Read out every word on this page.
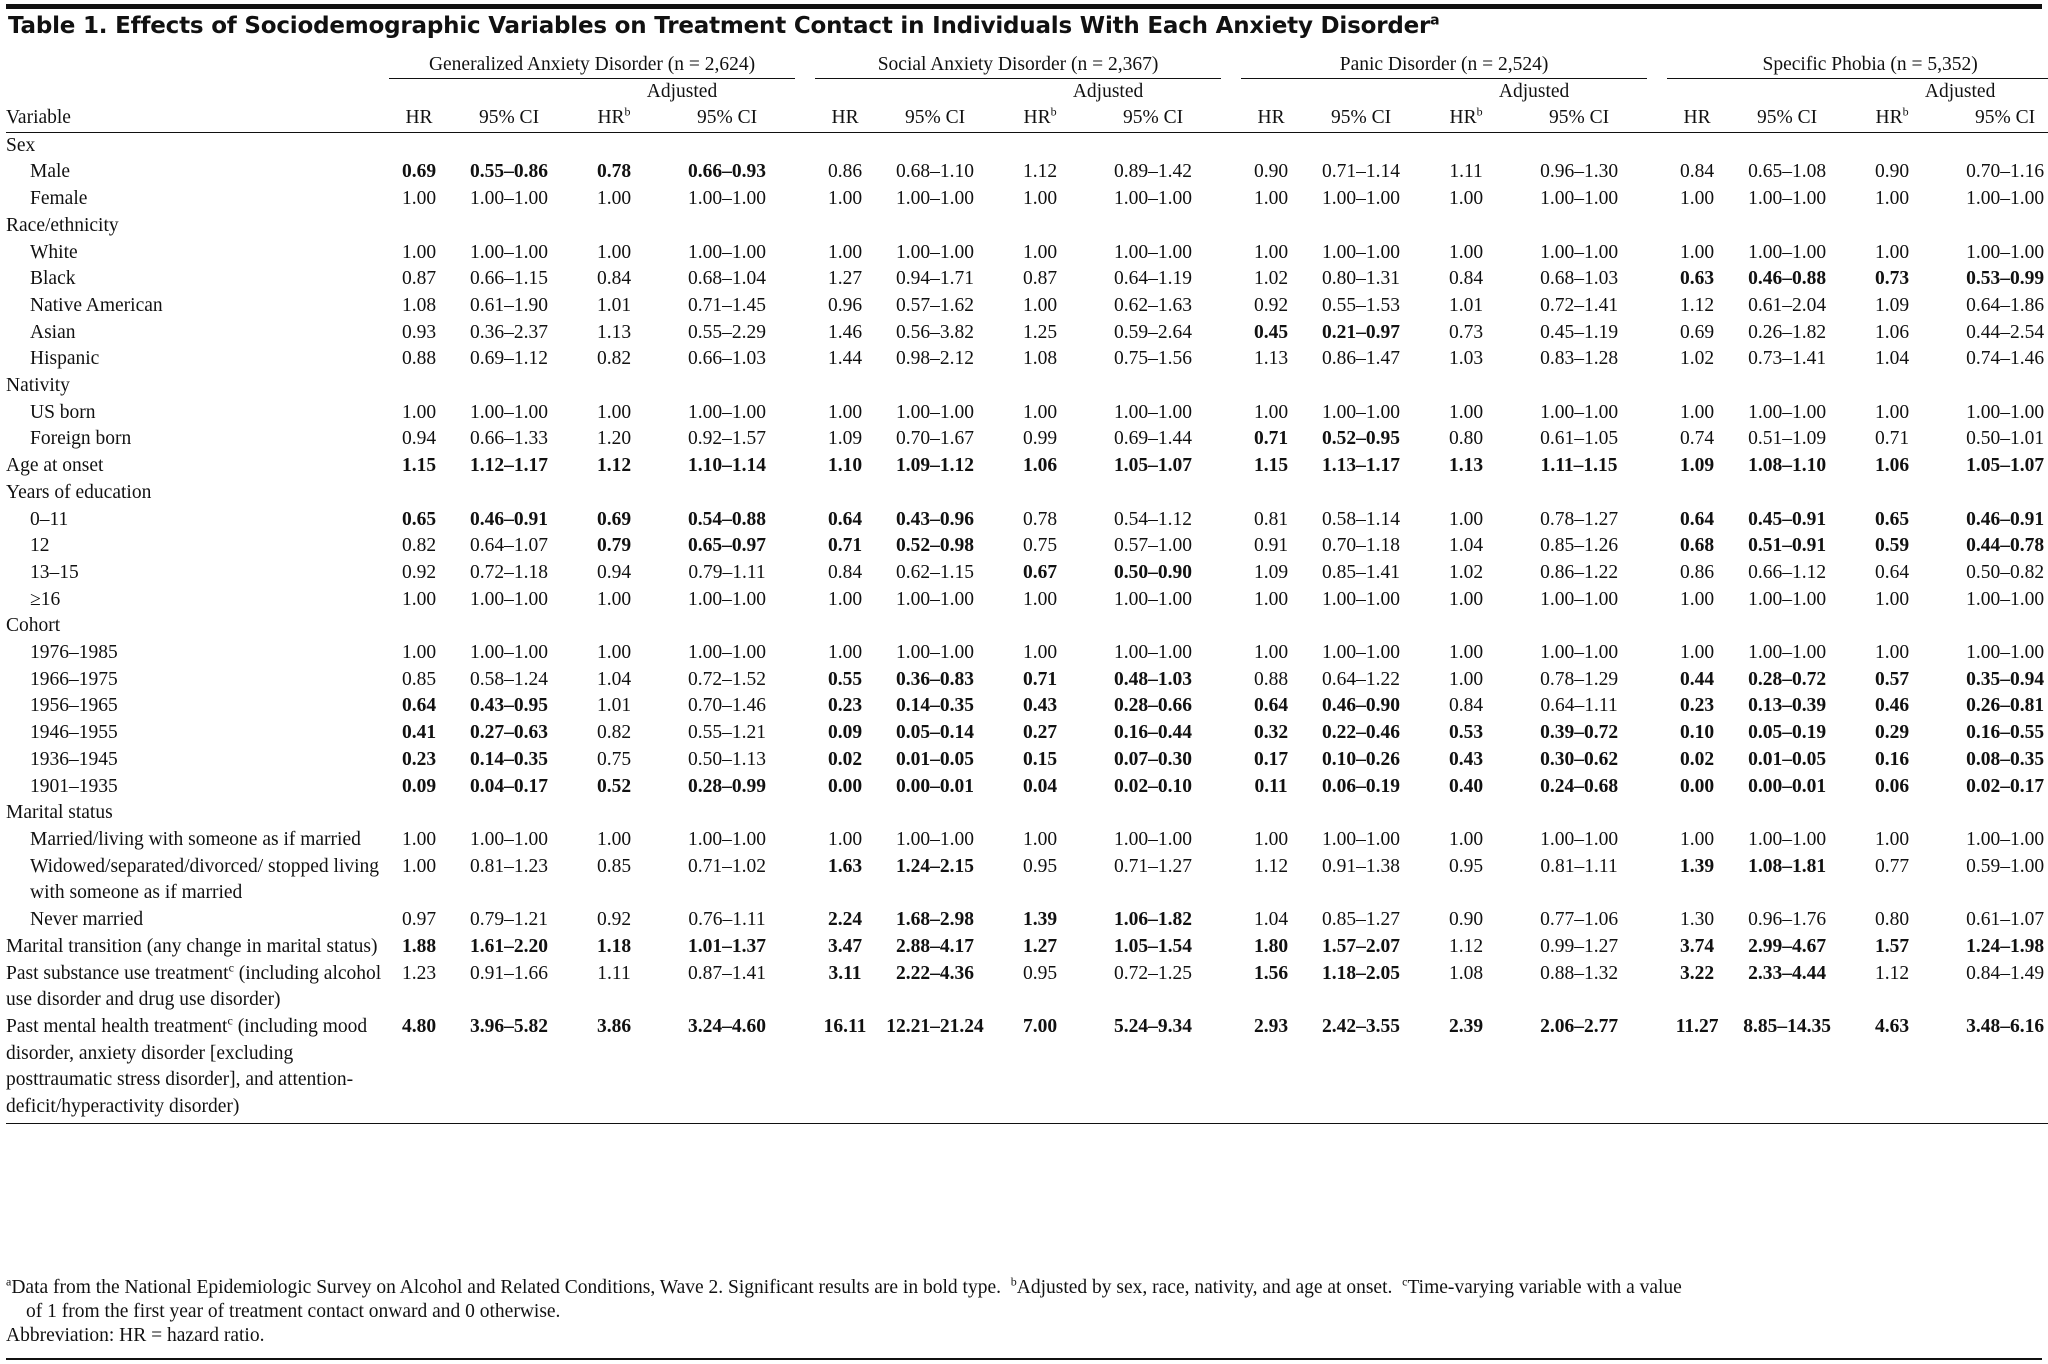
Table 1. Effects of Sociodemographic Variables on Treatment Contact in Individuals With Each Anxiety Disorder$^a$
	Generalized Anxiety Disorder (n = 2,624)					Social Anxiety Disorder (n = 2,367)					Panic Disorder (n = 2,524)					Specific Phobia (n = 5,352)			
			Adjusted					Adjusted					Adjusted					Adjusted	
Variable	HR	95% CI	$HR^b$	95% CI		HR	95% CI	$HR^b$	95% CI		HR	95% CI	$HR^b$	95% CI		HR	95% CI	$HR^b$	95% CI
Sex																			
Male	0.69	0.55–0.86	0.78	0.66–0.93		0.86	0.68–1.10	1.12	0.89–1.42		0.90	0.71–1.14	1.11	0.96–1.30		0.84	0.65–1.08	0.90	0.70–1.16
Female	1.00	1.00–1.00	1.00	1.00–1.00		1.00	1.00–1.00	1.00	1.00–1.00		1.00	1.00–1.00	1.00	1.00–1.00		1.00	1.00–1.00	1.00	1.00–1.00
Race/ethnicity																			
White	1.00	1.00–1.00	1.00	1.00–1.00		1.00	1.00–1.00	1.00	1.00–1.00		1.00	1.00–1.00	1.00	1.00–1.00		1.00	1.00–1.00	1.00	1.00–1.00
Black	0.87	0.66–1.15	0.84	0.68–1.04		1.27	0.94–1.71	0.87	0.64–1.19		1.02	0.80–1.31	0.84	0.68–1.03		0.63	0.46–0.88	0.73	0.53–0.99
Native American	1.08	0.61–1.90	1.01	0.71–1.45		0.96	0.57–1.62	1.00	0.62–1.63		0.92	0.55–1.53	1.01	0.72–1.41		1.12	0.61–2.04	1.09	0.64–1.86
Asian	0.93	0.36–2.37	1.13	0.55–2.29		1.46	0.56–3.82	1.25	0.59–2.64		0.45	0.21–0.97	0.73	0.45–1.19		0.69	0.26–1.82	1.06	0.44–2.54
Hispanic	0.88	0.69–1.12	0.82	0.66–1.03		1.44	0.98–2.12	1.08	0.75–1.56		1.13	0.86–1.47	1.03	0.83–1.28		1.02	0.73–1.41	1.04	0.74–1.46
Nativity																			
US born	1.00	1.00–1.00	1.00	1.00–1.00		1.00	1.00–1.00	1.00	1.00–1.00		1.00	1.00–1.00	1.00	1.00–1.00		1.00	1.00–1.00	1.00	1.00–1.00
Foreign born	0.94	0.66–1.33	1.20	0.92–1.57		1.09	0.70–1.67	0.99	0.69–1.44		0.71	0.52–0.95	0.80	0.61–1.05		0.74	0.51–1.09	0.71	0.50–1.01
Age at onset	1.15	1.12–1.17	1.12	1.10–1.14		1.10	1.09–1.12	1.06	1.05–1.07		1.15	1.13–1.17	1.13	1.11–1.15		1.09	1.08–1.10	1.06	1.05–1.07
Years of education																			
0–11	0.65	0.46–0.91	0.69	0.54–0.88		0.64	0.43–0.96	0.78	0.54–1.12		0.81	0.58–1.14	1.00	0.78–1.27		0.64	0.45–0.91	0.65	0.46–0.91
12	0.82	0.64–1.07	0.79	0.65–0.97		0.71	0.52–0.98	0.75	0.57–1.00		0.91	0.70–1.18	1.04	0.85–1.26		0.68	0.51–0.91	0.59	0.44–0.78
13–15	0.92	0.72–1.18	0.94	0.79–1.11		0.84	0.62–1.15	0.67	0.50–0.90		1.09	0.85–1.41	1.02	0.86–1.22		0.86	0.66–1.12	0.64	0.50–0.82
≥16	1.00	1.00–1.00	1.00	1.00–1.00		1.00	1.00–1.00	1.00	1.00–1.00		1.00	1.00–1.00	1.00	1.00–1.00		1.00	1.00–1.00	1.00	1.00–1.00
Cohort																			
1976–1985	1.00	1.00–1.00	1.00	1.00–1.00		1.00	1.00–1.00	1.00	1.00–1.00		1.00	1.00–1.00	1.00	1.00–1.00		1.00	1.00–1.00	1.00	1.00–1.00
1966–1975	0.85	0.58–1.24	1.04	0.72–1.52		0.55	0.36–0.83	0.71	0.48–1.03		0.88	0.64–1.22	1.00	0.78–1.29		0.44	0.28–0.72	0.57	0.35–0.94
1956–1965	0.64	0.43–0.95	1.01	0.70–1.46		0.23	0.14–0.35	0.43	0.28–0.66		0.64	0.46–0.90	0.84	0.64–1.11		0.23	0.13–0.39	0.46	0.26–0.81
1946–1955	0.41	0.27–0.63	0.82	0.55–1.21		0.09	0.05–0.14	0.27	0.16–0.44		0.32	0.22–0.46	0.53	0.39–0.72		0.10	0.05–0.19	0.29	0.16–0.55
1936–1945	0.23	0.14–0.35	0.75	0.50–1.13		0.02	0.01–0.05	0.15	0.07–0.30		0.17	0.10–0.26	0.43	0.30–0.62		0.02	0.01–0.05	0.16	0.08–0.35
1901–1935	0.09	0.04–0.17	0.52	0.28–0.99		0.00	0.00–0.01	0.04	0.02–0.10		0.11	0.06–0.19	0.40	0.24–0.68		0.00	0.00–0.01	0.06	0.02–0.17
Marital status																			
Married/living with someone as if married	1.00	1.00–1.00	1.00	1.00–1.00		1.00	1.00–1.00	1.00	1.00–1.00		1.00	1.00–1.00	1.00	1.00–1.00		1.00	1.00–1.00	1.00	1.00–1.00
Widowed/separated/divorced/ stopped living with someone as if married	1.00	0.81–1.23	0.85	0.71–1.02		1.63	1.24–2.15	0.95	0.71–1.27		1.12	0.91–1.38	0.95	0.81–1.11		1.39	1.08–1.81	0.77	0.59–1.00
Never married	0.97	0.79–1.21	0.92	0.76–1.11		2.24	1.68–2.98	1.39	1.06–1.82		1.04	0.85–1.27	0.90	0.77–1.06		1.30	0.96–1.76	0.80	0.61–1.07
Marital transition (any change in marital status)	1.88	1.61–2.20	1.18	1.01–1.37		3.47	2.88–4.17	1.27	1.05–1.54		1.80	1.57–2.07	1.12	0.99–1.27		3.74	2.99–4.67	1.57	1.24–1.98
Past substance use treatment$^c$ (including alcohol use disorder and drug use disorder)	1.23	0.91–1.66	1.11	0.87–1.41		3.11	2.22–4.36	0.95	0.72–1.25		1.56	1.18–2.05	1.08	0.88–1.32		3.22	2.33–4.44	1.12	0.84–1.49
Past mental health treatment$^c$ (including mood disorder, anxiety disorder [excluding posttraumatic stress disorder], and attention-deficit/hyperactivity disorder)	4.80	3.96–5.82	3.86	3.24–4.60		16.11	12.21–21.24	7.00	5.24–9.34		2.93	2.42–3.55	2.39	2.06–2.77		11.27	8.85–14.35	4.63	3.48–6.16
$^a$Data from the National Epidemiologic Survey on Alcohol and Related Conditions, Wave 2. Significant results are in bold type. $^b$Adjusted by sex, race, nativity, and age at onset. $^c$Time-varying variable with a value
of 1 from the first year of treatment contact onward and 0 otherwise.
Abbreviation: HR = hazard ratio.
